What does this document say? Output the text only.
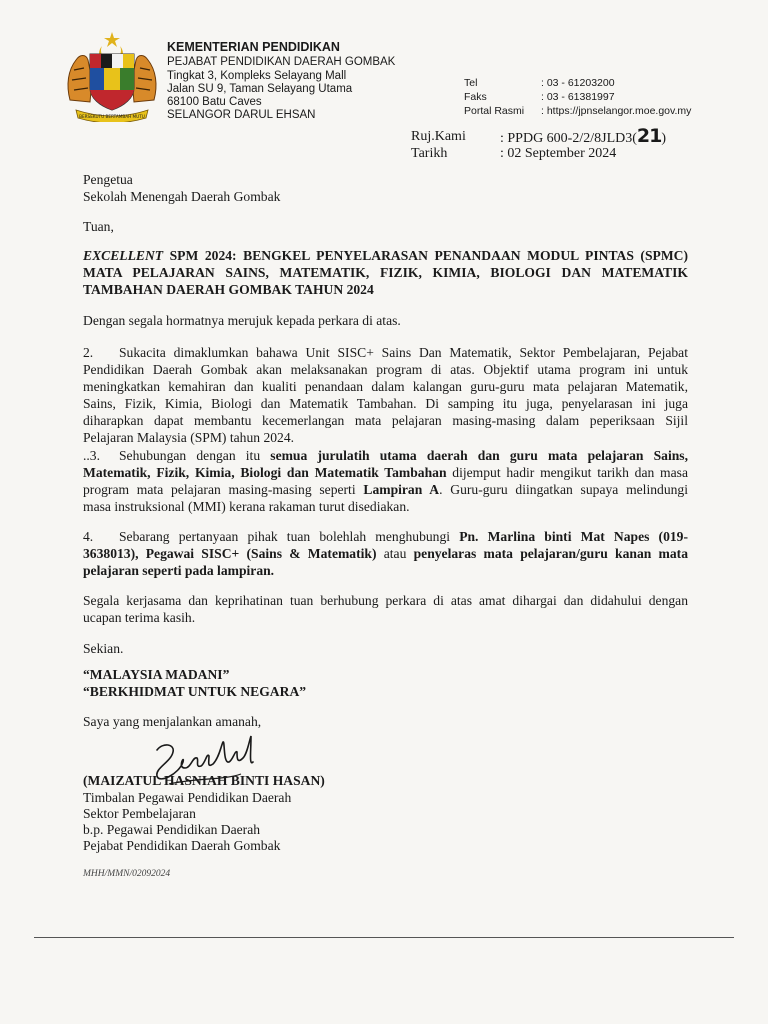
BERSEKUTU BERTAMBAH MUTU
KEMENTERIAN PENDIDIKAN
PEJABAT PENDIDIKAN DAERAH GOMBAK
Tingkat 3, Kompleks Selayang Mall
Jalan SU 9, Taman Selayang Utama
68100 Batu Caves
SELANGOR DARUL EHSAN
Tel	: 03 - 61203200
Faks	: 03 - 61381997
Portal Rasmi : https://jpnselangor.moe.gov.my
Ruj.Kami : PPDG 600-2/2/8JLD3(21)
Tarikh	: 02 September 2024
Pengetua
Sekolah Menengah Daerah Gombak
Tuan,
EXCELLENT SPM 2024: BENGKEL PENYELARASAN PENANDAAN MODUL PINTAS (SPMC)
MATA PELAJARAN SAINS, MATEMATIK, FIZIK, KIMIA, BIOLOGI DAN MATEMATIK
TAMBAHAN DAERAH GOMBAK TAHUN 2024
Dengan segala hormatnya merujuk kepada perkara di atas.
2. Sukacita dimaklumkan bahawa Unit SISC+ Sains Dan Matematik, Sektor Pembelajaran, Pejabat
Pendidikan Daerah Gombak akan melaksanakan program di atas. Objektif utama program ini untuk
meningkatkan kemahiran dan kualiti penandaan dalam kalangan guru-guru mata pelajaran Matematik,
Sains, Fizik, Kimia, Biologi dan Matematik Tambahan. Di samping itu juga, penyelarasan ini juga
diharapkan dapat membantu kecemerlangan mata pelajaran masing-masing dalam peperiksaan Sijil
Pelajaran Malaysia (SPM) tahun 2024.
..3. Sehubungan dengan itu semua jurulatih utama daerah dan guru mata pelajaran Sains,
Matematik, Fizik, Kimia, Biologi dan Matematik Tambahan dijemput hadir mengikut tarikh dan masa
program mata pelajaran masing-masing seperti Lampiran A. Guru-guru diingatkan supaya melindungi
masa instruksional (MMI) kerana rakaman turut disediakan.
4. Sebarang pertanyaan pihak tuan bolehlah menghubungi Pn. Marlina binti Mat Napes (019-
3638013), Pegawai SISC+ (Sains & Matematik) atau penyelaras mata pelajaran/guru kanan mata
pelajaran seperti pada lampiran.
Segala kerjasama dan keprihatinan tuan berhubung perkara di atas amat dihargai dan didahului dengan
ucapan terima kasih.
Sekian.
“MALAYSIA MADANI”
“BERKHIDMAT UNTUK NEGARA”
Saya yang menjalankan amanah,
(MAIZATUL HASNIAH BINTI HASAN)
Timbalan Pegawai Pendidikan Daerah
Sektor Pembelajaran
b.p. Pegawai Pendidikan Daerah
Pejabat Pendidikan Daerah Gombak
MHH/MMN/02092024
